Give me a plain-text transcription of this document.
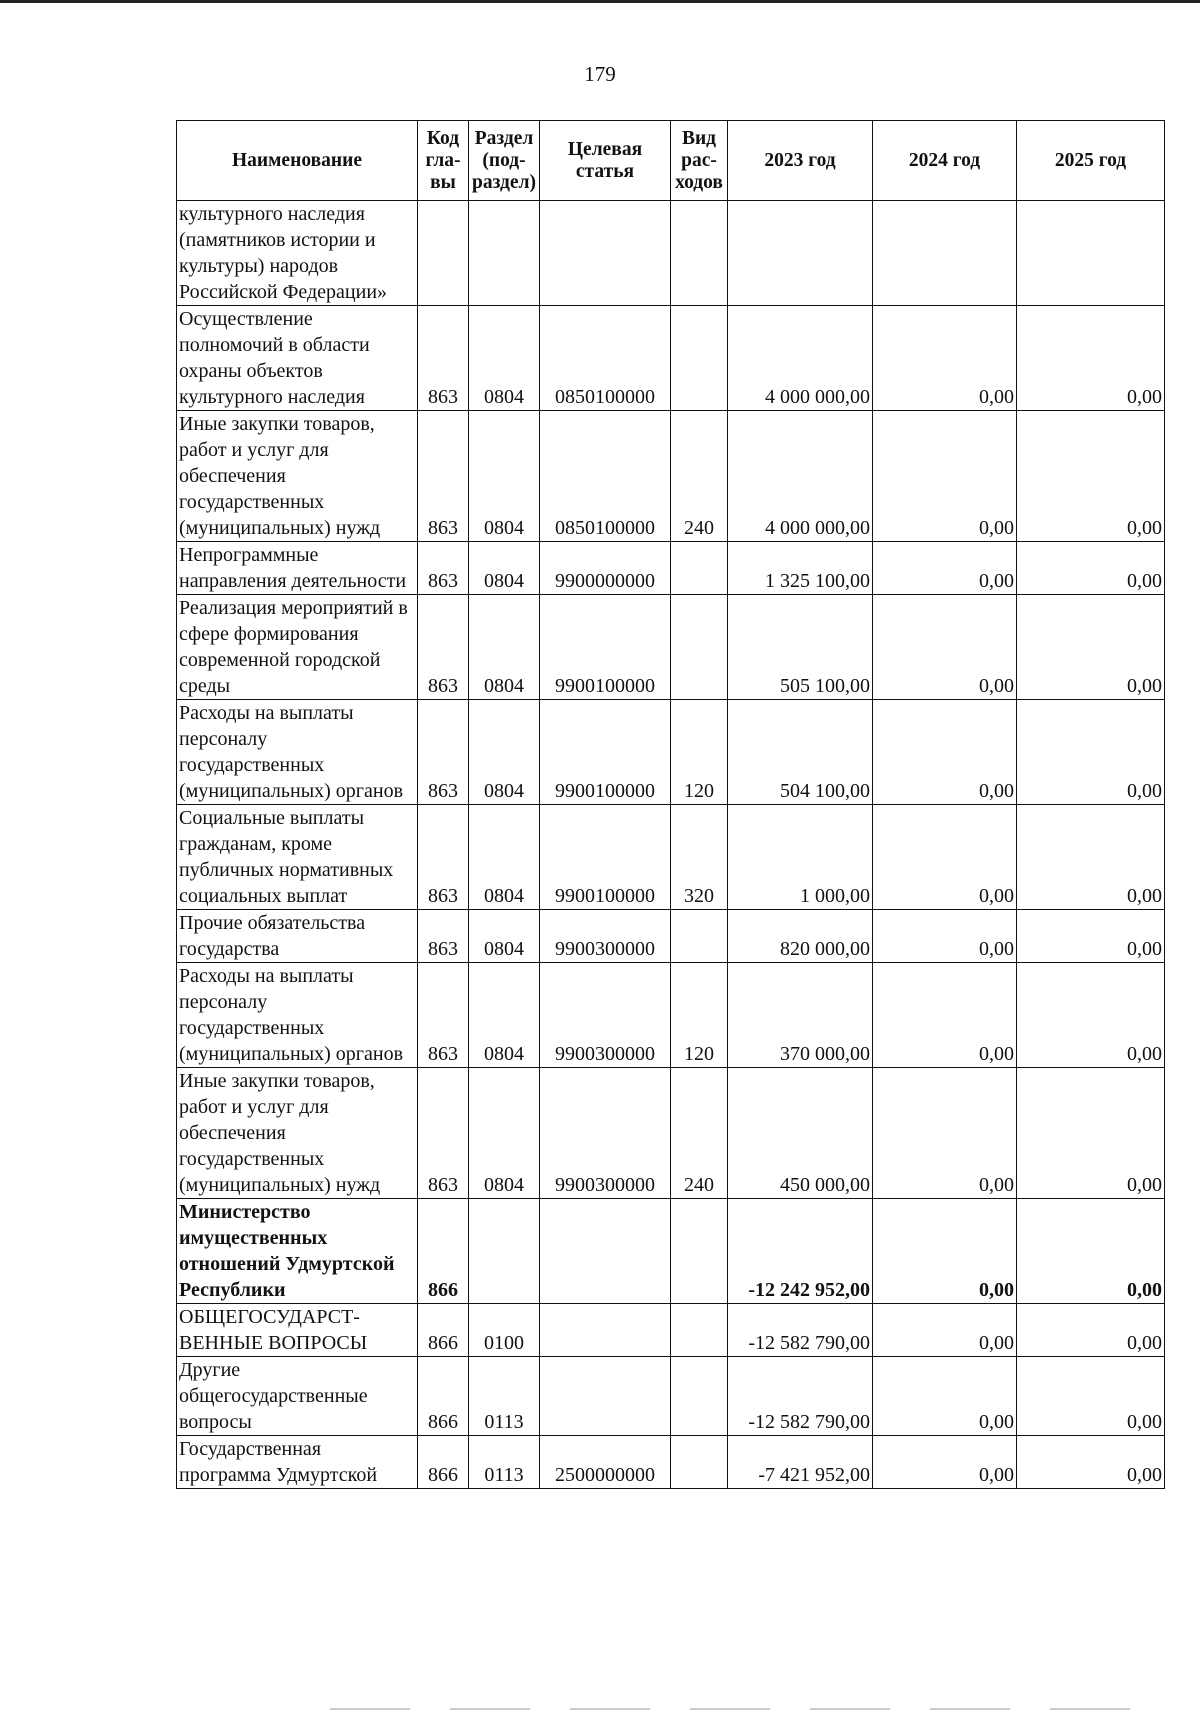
179
Наименование	Код гла-вы	Раздел (под-раздел)	Целевая статья	Вид рас-ходов	2023 год	2024 год	2025 год
культурного наследия (памятников истории и культуры) народов Российской Федерации»							
Осуществление полномочий в области охраны объектов культурного наследия	863	0804	0850100000		4 000 000,00	0,00	0,00
Иные закупки товаров, работ и услуг для обеспечения государственных (муниципальных) нужд	863	0804	0850100000	240	4 000 000,00	0,00	0,00
Непрограммные направления деятельности	863	0804	9900000000		1 325 100,00	0,00	0,00
Реализация мероприятий в сфере формирования современной городской среды	863	0804	9900100000		505 100,00	0,00	0,00
Расходы на выплаты персоналу государственных (муниципальных) органов	863	0804	9900100000	120	504 100,00	0,00	0,00
Социальные выплаты гражданам, кроме публичных нормативных социальных выплат	863	0804	9900100000	320	1 000,00	0,00	0,00
Прочие обязательства государства	863	0804	9900300000		820 000,00	0,00	0,00
Расходы на выплаты персоналу государственных (муниципальных) органов	863	0804	9900300000	120	370 000,00	0,00	0,00
Иные закупки товаров, работ и услуг для обеспечения государственных (муниципальных) нужд	863	0804	9900300000	240	450 000,00	0,00	0,00
Министерство имущественных отношений Удмуртской Республики	866				-12 242 952,00	0,00	0,00
ОБЩЕГОСУДАРСТ-ВЕННЫЕ ВОПРОСЫ	866	0100			-12 582 790,00	0,00	0,00
Другие общегосударственные вопросы	866	0113			-12 582 790,00	0,00	0,00
Государственная программа Удмуртской	866	0113	2500000000		-7 421 952,00	0,00	0,00
